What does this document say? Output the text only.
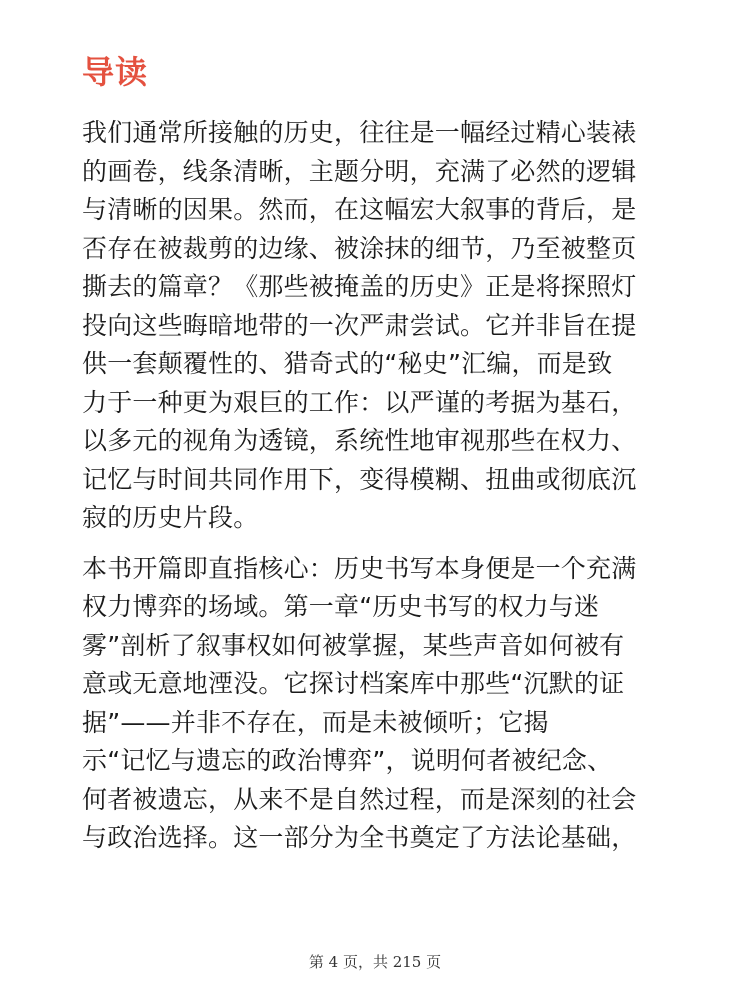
导读
我们通常所接触的历史，往往是一幅经过精心装裱
的画卷，线条清晰，主题分明，充满了必然的逻辑
与清晰的因果。然而，在这幅宏大叙事的背后，是
否存在被裁剪的边缘、被涂抹的细节，乃至被整页
撕去的篇章？《那些被掩盖的历史》正是将探照灯
投向这些晦暗地带的一次严肃尝试。它并非旨在提
供一套颠覆性的、猎奇式的“秘史”汇编，而是致
力于一种更为艰巨的工作：以严谨的考据为基石，
以多元的视角为透镜，系统性地审视那些在权力、
记忆与时间共同作用下，变得模糊、扭曲或彻底沉
寂的历史片段。
本书开篇即直指核心：历史书写本身便是一个充满
权力博弈的场域。第一章“历史书写的权力与迷
雾”剖析了叙事权如何被掌握，某些声音如何被有
意或无意地湮没。它探讨档案库中那些“沉默的证
据”——并非不存在，而是未被倾听；它揭
示“记忆与遗忘的政治博弈”，说明何者被纪念、
何者被遗忘，从来不是自然过程，而是深刻的社会
与政治选择。这一部分为全书奠定了方法论基础，
第 4 页，共 215 页
